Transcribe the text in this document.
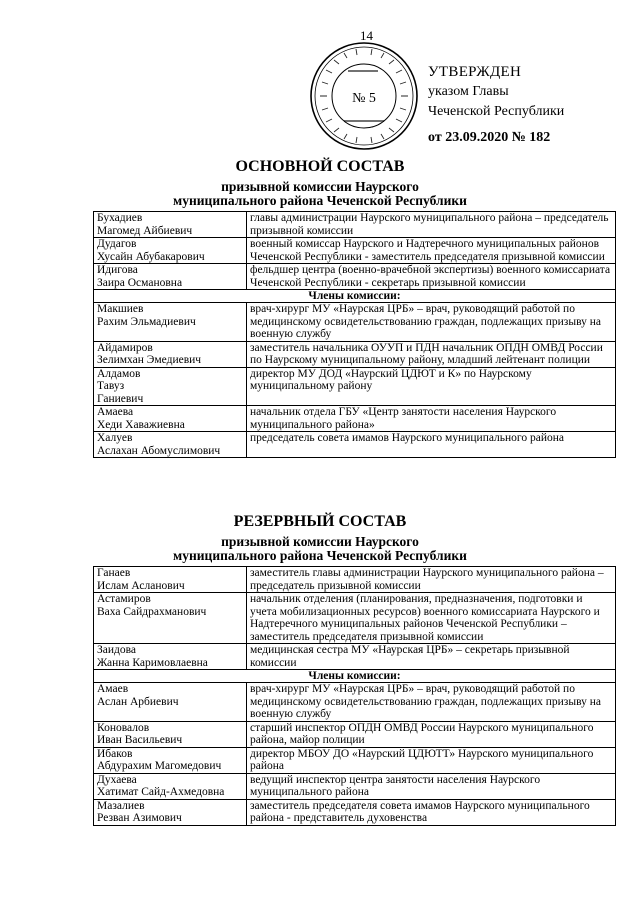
14
№ 5
УТВЕРЖДЕН
указом Главы
Чеченской Республики
от 23.09.2020 № 182
ОСНОВНОЙ СОСТАВ
призывной комиссии Наурского
муниципального района Чеченской Республики
Бухадиев
Магомед Айбиевич	главы администрации Наурского муниципального района – председатель призывной комиссии

Дудагов
Хусайн Абубакарович	военный комиссар Наурского и Надтеречного муниципальных районов Чеченской Республики - заместитель председателя призывной комиссии

Идигова
Заира Османовна	фельдшер центра (военно-врачебной экспертизы) военного комиссариата Чеченской Республики - секретарь призывной комиссии
Члены комиссии:	

Макшиев
Рахим Эльмадиевич	врач-хирург МУ «Наурская ЦРБ» – врач, руководящий работой по медицинскому освидетельствованию граждан, подлежащих призыву на военную службу

Айдамиров
Зелимхан Эмедиевич	заместитель начальника ОУУП и ПДН начальник ОПДН ОМВД России по Наурскому муниципальному району, младший лейтенант полиции

Алдамов
Тавуз
Ганиевич	директор МУ ДОД «Наурский ЦДЮТ и К» по Наурскому муниципальному району

Амаева
Хеди Хаважиевна	начальник отдела ГБУ «Центр занятости населения Наурского муниципального района»

Халуев
Аслахан Абомуслимович	председатель совета имамов Наурского муниципального района
РЕЗЕРВНЫЙ СОСТАВ
призывной комиссии Наурского
муниципального района Чеченской Республики
Ганаев
Ислам Асланович	заместитель главы администрации Наурского муниципального района – председатель призывной комиссии

Астамиров
Ваха Сайдрахманович	начальник отделения (планирования, предназначения, подготовки и учета мобилизационных ресурсов) военного комиссариата Наурского и Надтеречного муниципальных районов Чеченской Республики – заместитель председателя призывной комиссии

Заидова
Жанна Каримовлаевна	медицинская сестра МУ «Наурская ЦРБ» – секретарь призывной комиссии
Члены комиссии:	

Амаев
Аслан Арбиевич	врач-хирург МУ «Наурская ЦРБ» – врач, руководящий работой по медицинскому освидетельствованию граждан, подлежащих призыву на военную службу

Коновалов
Иван Васильевич	старший инспектор ОПДН ОМВД России Наурского муниципального района, майор полиции

Ибаков
Абдурахим Магомедович	директор МБОУ ДО «Наурский ЦДЮТТ» Наурского муниципального района

Духаева
Хатимат Сайд-Ахмедовна	ведущий инспектор центра занятости населения Наурского муниципального района

Мазалиев
Резван Азимович	заместитель председателя совета имамов Наурского муниципального района - представитель духовенства
